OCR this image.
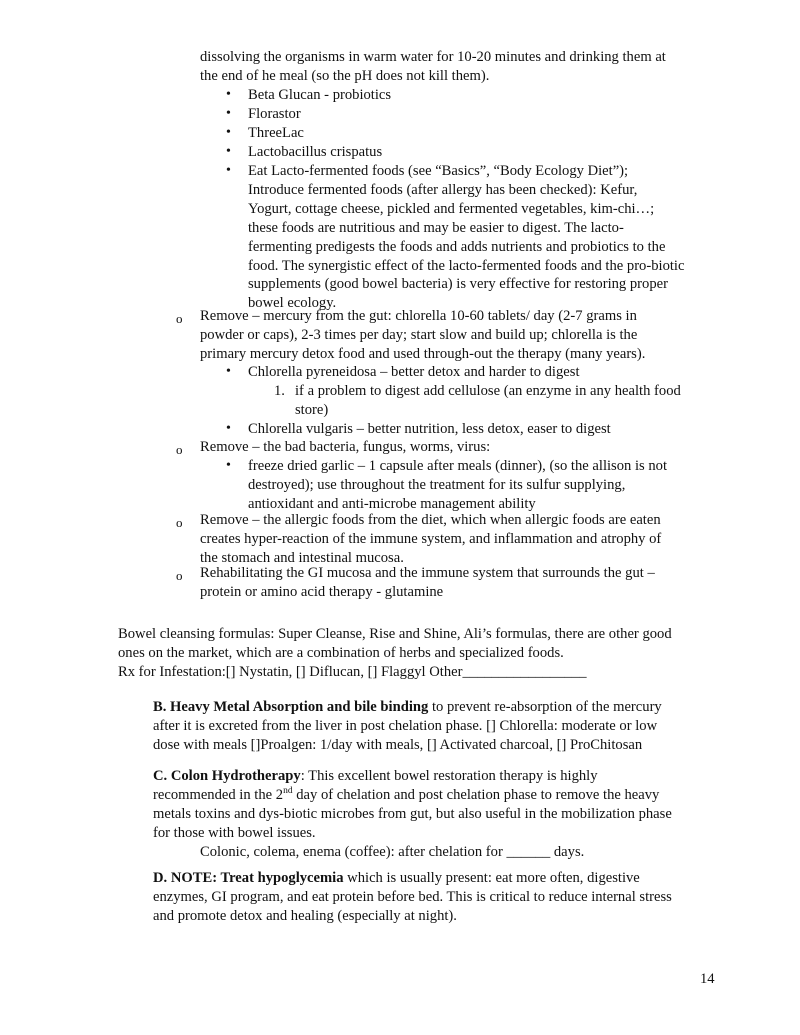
dissolving the organisms in warm water for 10-20 minutes and drinking them at
the end of he meal (so the pH does not kill them).
• Beta Glucan - probiotics
• Florastor
• ThreeLac
• Lactobacillus crispatus
• Eat Lacto-fermented foods (see “Basics”, “Body Ecology Diet”);
Introduce fermented foods (after allergy has been checked): Kefur,
Yogurt, cottage cheese, pickled and fermented vegetables, kim-chi…;
these foods are nutritious and may be easier to digest. The lacto-
fermenting predigests the foods and adds nutrients and probiotics to the
food. The synergistic effect of the lacto-fermented foods and the pro-biotic
supplements (good bowel bacteria) is very effective for restoring proper
bowel ecology.
o Remove – mercury from the gut: chlorella 10-60 tablets/ day (2-7 grams in
powder or caps), 2-3 times per day; start slow and build up; chlorella is the
primary mercury detox food and used through-out the therapy (many years).
• Chlorella pyreneidosa – better detox and harder to digest
1. if a problem to digest add cellulose (an enzyme in any health food
store)
• Chlorella vulgaris – better nutrition, less detox, easer to digest
o Remove – the bad bacteria, fungus, worms, virus:
• freeze dried garlic – 1 capsule after meals (dinner), (so the allison is not
destroyed); use throughout the treatment for its sulfur supplying,
antioxidant and anti-microbe management ability
o Remove – the allergic foods from the diet, which when allergic foods are eaten
creates hyper-reaction of the immune system, and inflammation and atrophy of
the stomach and intestinal mucosa.
o Rehabilitating the GI mucosa and the immune system that surrounds the gut –
protein or amino acid therapy - glutamine
Bowel cleansing formulas: Super Cleanse, Rise and Shine, Ali’s formulas, there are other good
ones on the market, which are a combination of herbs and specialized foods.
Rx for Infestation:[] Nystatin, [] Diflucan, [] Flaggyl Other_________________
B. Heavy Metal Absorption and bile binding to prevent re-absorption of the mercury
after it is excreted from the liver in post chelation phase. [] Chlorella: moderate or low
dose with meals []Proalgen: 1/day with meals, [] Activated charcoal, [] ProChitosan
C. Colon Hydrotherapy: This excellent bowel restoration therapy is highly
recommended in the 2nd day of chelation and post chelation phase to remove the heavy
metals toxins and dys-biotic microbes from gut, but also useful in the mobilization phase
for those with bowel issues.
Colonic, colema, enema (coffee): after chelation for ______ days.
D. NOTE: Treat hypoglycemia which is usually present: eat more often, digestive
enzymes, GI program, and eat protein before bed. This is critical to reduce internal stress
and promote detox and healing (especially at night).
14
